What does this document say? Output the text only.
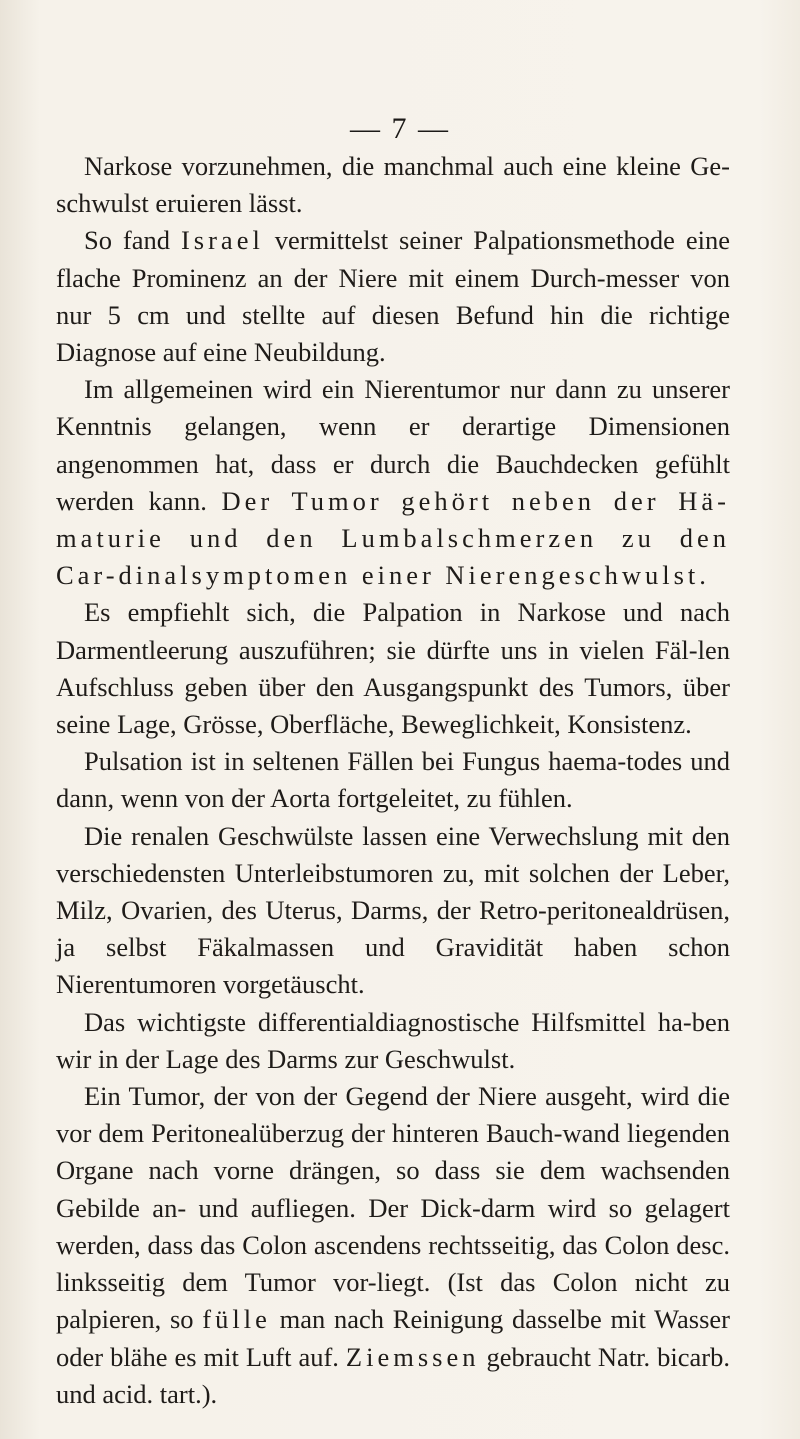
— 7 —

Narkose vorzunehmen, die manchmal auch eine kleine Ge-schwulst eruieren lässt.

So fand Israel vermittelst seiner Palpationsmethode eine flache Prominenz an der Niere mit einem Durch-messer von nur 5 cm und stellte auf diesen Befund hin die richtige Diagnose auf eine Neubildung.

Im allgemeinen wird ein Nierentumor nur dann zu unserer Kenntnis gelangen, wenn er derartige Dimensionen angenommen hat, dass er durch die Bauchdecken gefühlt werden kann. Der Tumor gehört neben der Hä-maturie und den Lumbalschmerzen zu den Car-dinalsymptomen einer Nierengeschwulst.

Es empfiehlt sich, die Palpation in Narkose und nach Darmentleerung auszuführen; sie dürfte uns in vielen Fäl-len Aufschluss geben über den Ausgangspunkt des Tumors, über seine Lage, Grösse, Oberfläche, Beweglichkeit, Konsistenz.

Pulsation ist in seltenen Fällen bei Fungus haema-todes und dann, wenn von der Aorta fortgeleitet, zu fühlen.

Die renalen Geschwülste lassen eine Verwechslung mit den verschiedensten Unterleibstumoren zu, mit solchen der Leber, Milz, Ovarien, des Uterus, Darms, der Retro-peritonealdrüsen, ja selbst Fäkalmassen und Gravidität haben schon Nierentumoren vorgetäuscht.

Das wichtigste differentialdiagnostische Hilfsmittel ha-ben wir in der Lage des Darms zur Geschwulst.

Ein Tumor, der von der Gegend der Niere ausgeht, wird die vor dem Peritonealüberzug der hinteren Bauch-wand liegenden Organe nach vorne drängen, so dass sie dem wachsenden Gebilde an- und aufliegen. Der Dick-darm wird so gelagert werden, dass das Colon ascendens rechtsseitig, das Colon desc. linksseitig dem Tumor vor-liegt. (Ist das Colon nicht zu palpieren, so fülle man nach Reinigung dasselbe mit Wasser oder blähe es mit Luft auf. Ziemssen gebraucht Natr. bicarb. und acid. tart.).
